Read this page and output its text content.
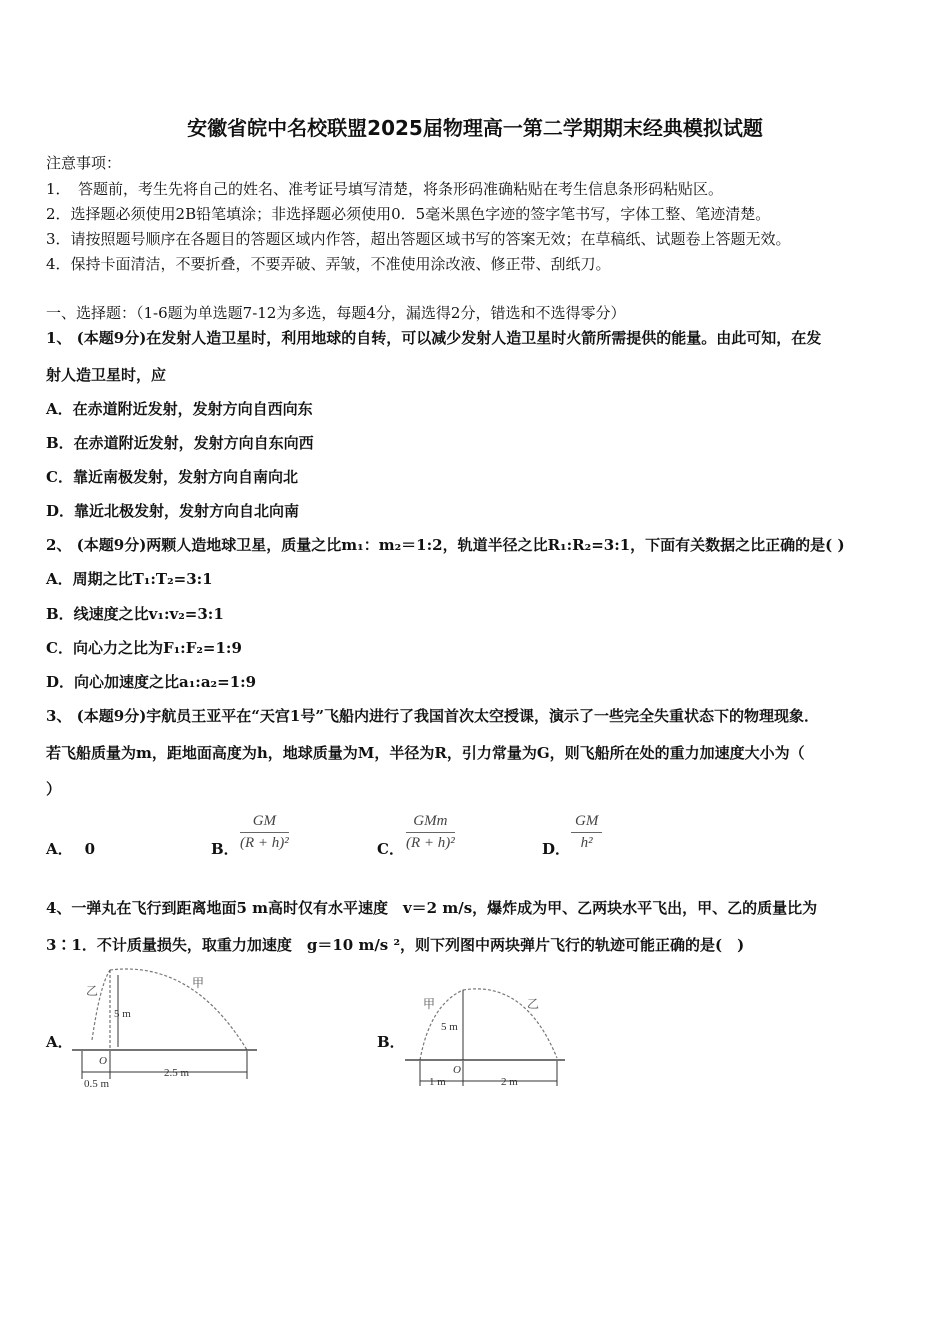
安徽省皖中名校联盟2025届物理高一第二学期期末经典模拟试题
注意事项：
1．　答题前，考生先将自己的姓名、准考证号填写清楚，将条形码准确粘贴在考生信息条形码粘贴区。
2．选择题必须使用2B铅笔填涂；非选择题必须使用0．5毫米黑色字迹的签字笔书写，字体工整、笔迹清楚。
3．请按照题号顺序在各题目的答题区域内作答，超出答题区域书写的答案无效；在草稿纸、试题卷上答题无效。
4．保持卡面清洁，不要折叠，不要弄破、弄皱，不准使用涂改液、修正带、刮纸刀。
一、选择题：（1-6题为单选题7-12为多选，每题4分，漏选得2分，错选和不选得零分）
1、 (本题9分)在发射人造卫星时，利用地球的自转，可以减少发射人造卫星时火箭所需提供的能量。由此可知，在发
射人造卫星时，应
A．在赤道附近发射，发射方向自西向东
B．在赤道附近发射，发射方向自东向西
C．靠近南极发射，发射方向自南向北
D．靠近北极发射，发射方向自北向南
2、 (本题9分)两颗人造地球卫星，质量之比m₁：m₂＝1:2，轨道半径之比R₁:R₂=3:1，下面有关数据之比正确的是( )
A．周期之比T₁:T₂=3:1
B．线速度之比v₁:v₂=3:1
C．向心力之比为F₁:F₂=1:9
D．向心加速度之比a₁:a₂=1:9
3、 (本题9分)宇航员王亚平在“天宫1号”飞船内进行了我国首次太空授课，演示了一些完全失重状态下的物理现象．
若飞船质量为m，距地面高度为h，地球质量为M，半径为R，引力常量为G，则飞船所在处的重力加速度大小为（
）
A． 0	B． $\frac{GM}{\text{(R + h)²}}$	C．
GMm
(R + h)²	D． $\frac{GM}{\text{h²}}$
4、一弹丸在飞行到距离地面5 m高时仅有水平速度　v＝2 m/s，爆炸成为甲、乙两块水平飞出，甲、乙的质量比为
3∶1．不计质量损失，取重力加速度　g＝10 m/s ²，则下列图中两块弹片飞行的轨迹可能正确的是(　)
A．
乙
甲
5 m
O
0.5 m
2.5 m
B．
甲	乙
5 m
O
1 m	2 m
